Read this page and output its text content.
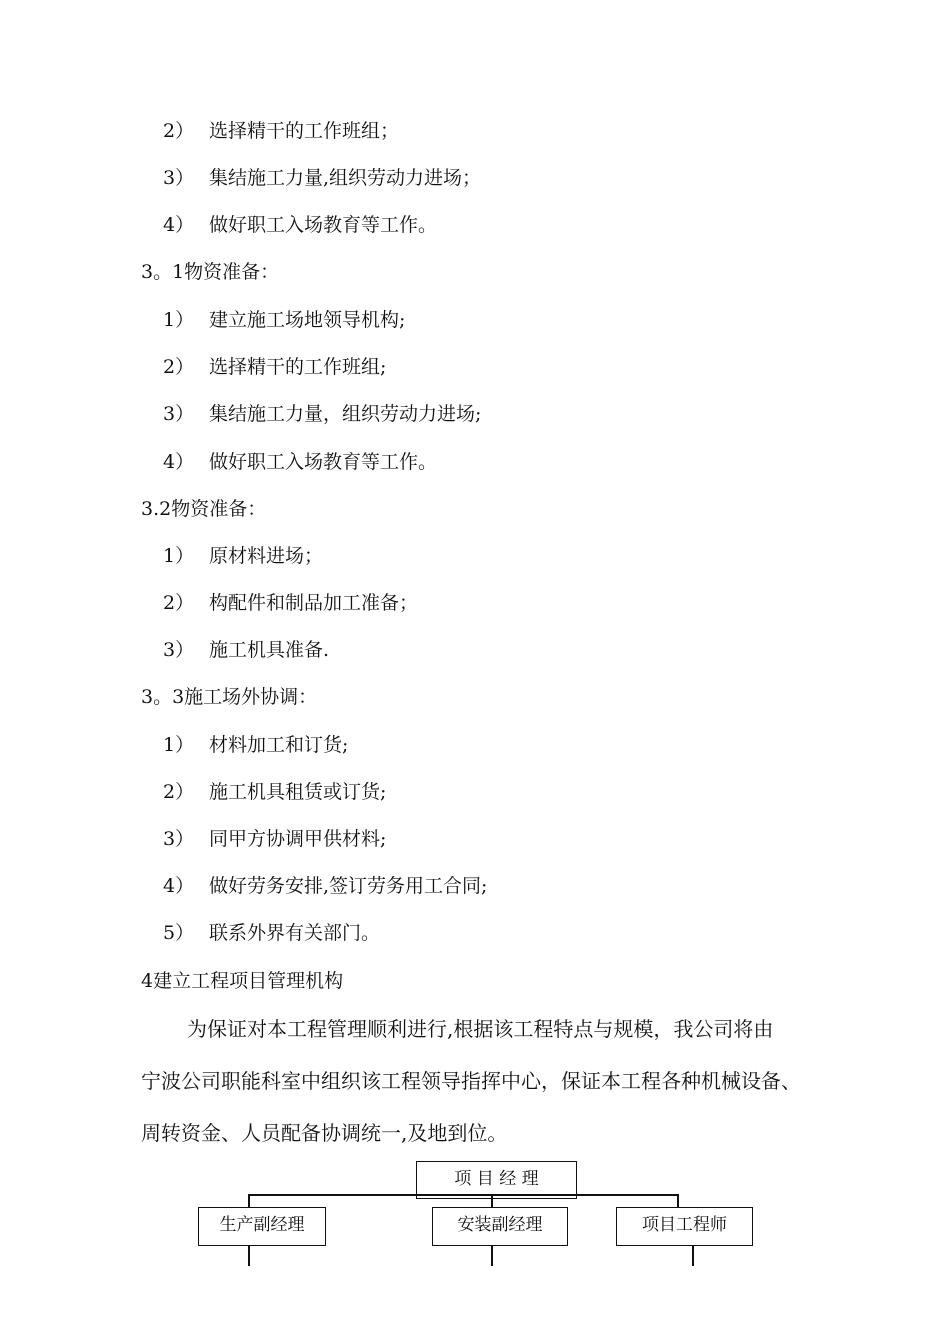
2） 选择精干的工作班组；
3） 集结施工力量,组织劳动力进场；
4） 做好职工入场教育等工作。
3。1物资准备：
1） 建立施工场地领导机构;
2） 选择精干的工作班组;
3） 集结施工力量，组织劳动力进场;
4） 做好职工入场教育等工作。
3.2物资准备：
1） 原材料进场；
2） 构配件和制品加工准备；
3） 施工机具准备.
3。3施工场外协调：
1） 材料加工和订货;
2） 施工机具租赁或订货;
3） 同甲方协调甲供材料;
4） 做好劳务安排,签订劳务用工合同;
5） 联系外界有关部门。
4建立工程项目管理机构
为保证对本工程管理顺利进行,根据该工程特点与规模，我公司将由
宁波公司职能科室中组织该工程领导指挥中心，保证本工程各种机械设备、
周转资金、人员配备协调统一,及地到位。
项 目 经 理
生产副经理	安装副经理	项目工程师
